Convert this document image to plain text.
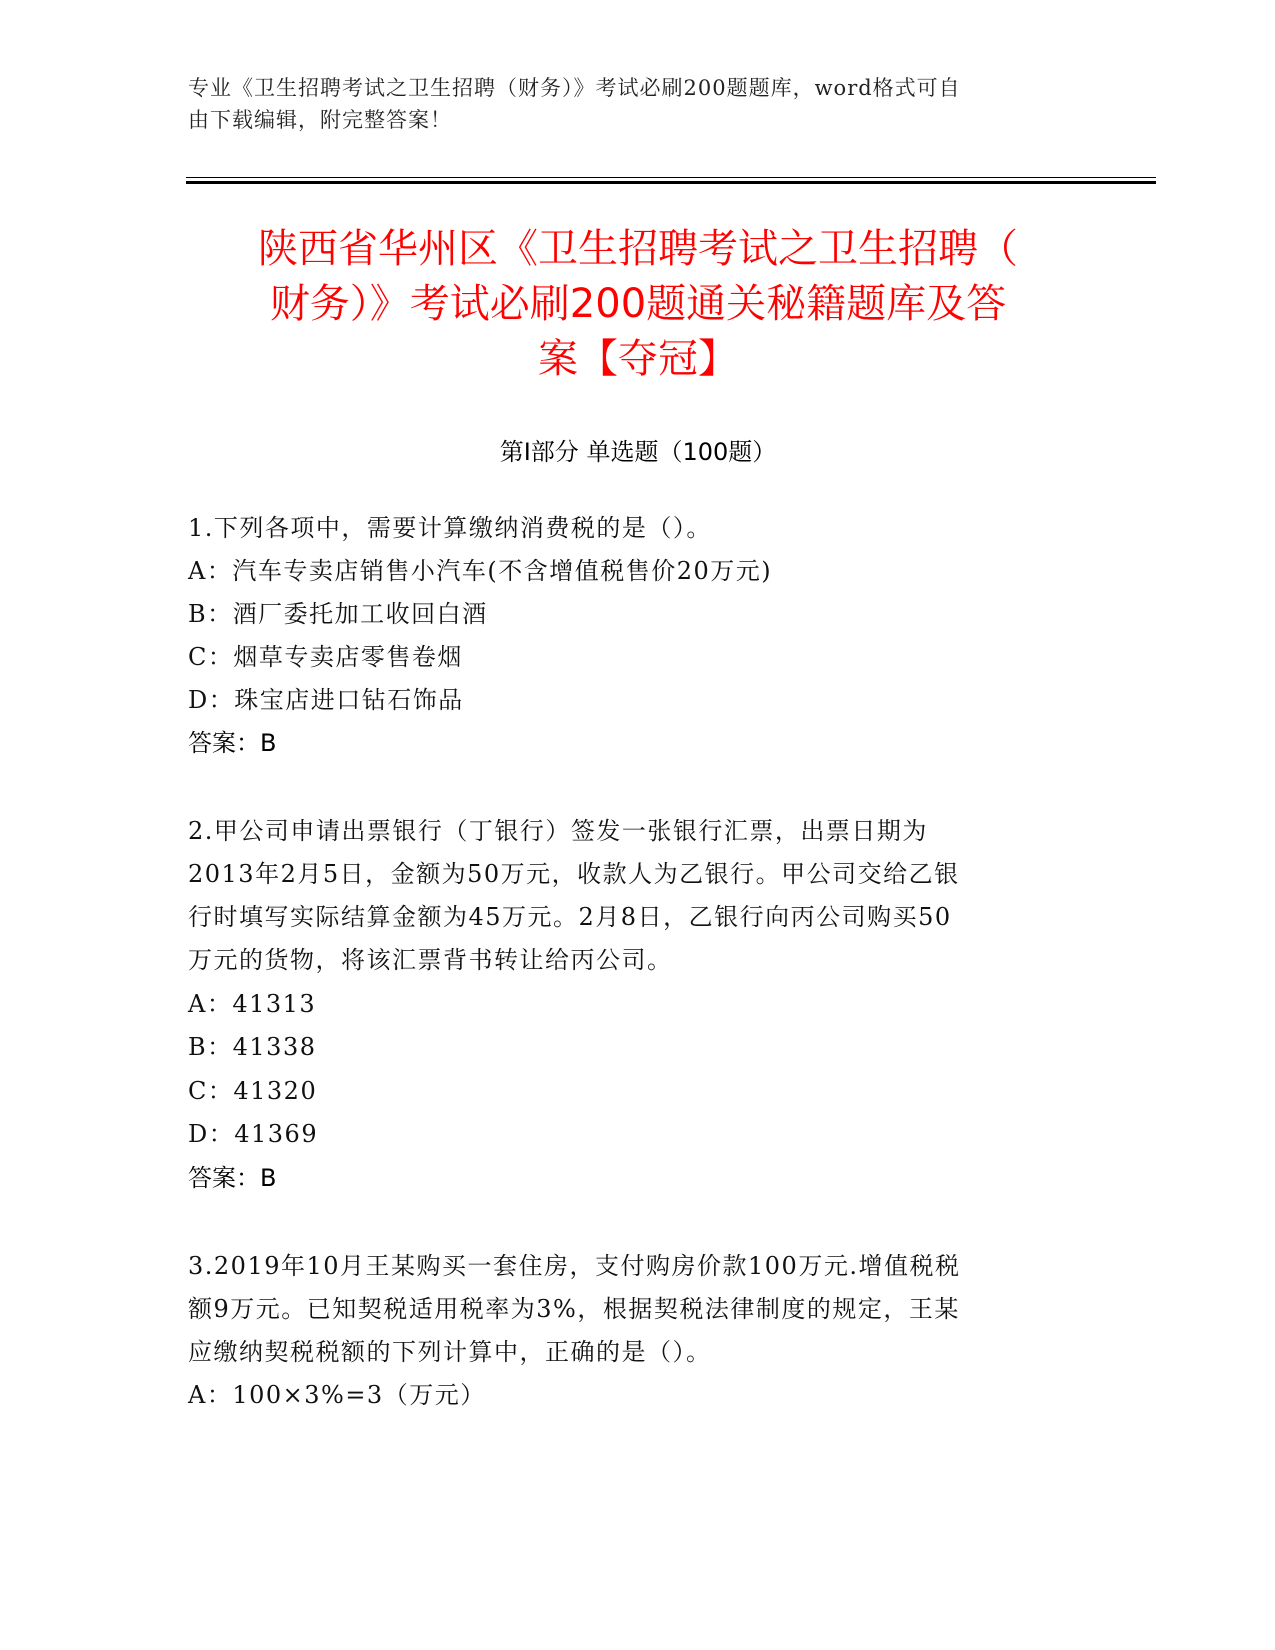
专业《卫生招聘考试之卫生招聘（财务）》考试必刷200题题库，word格式可自
由下载编辑，附完整答案！
陕西省华州区《卫生招聘考试之卫生招聘（
财务）》考试必刷200题通关秘籍题库及答
案【夺冠】
第I部分 单选题（100题）
1.下列各项中，需要计算缴纳消费税的是（）。
A：汽车专卖店销售小汽车(不含增值税售价20万元)
B：酒厂委托加工收回白酒
C：烟草专卖店零售卷烟
D：珠宝店进口钻石饰品
答案：B
2.甲公司申请出票银行（丁银行）签发一张银行汇票，出票日期为
2013年2月5日，金额为50万元，收款人为乙银行。甲公司交给乙银
行时填写实际结算金额为45万元。2月8日，乙银行向丙公司购买50
万元的货物，将该汇票背书转让给丙公司。
A：41313
B：41338
C：41320
D：41369
答案：B
3.2019年10月王某购买一套住房，支付购房价款100万元.增值税税
额9万元。已知契税适用税率为3%，根据契税法律制度的规定，王某
应缴纳契税税额的下列计算中，正确的是（）。
A：100×3%=3（万元）
